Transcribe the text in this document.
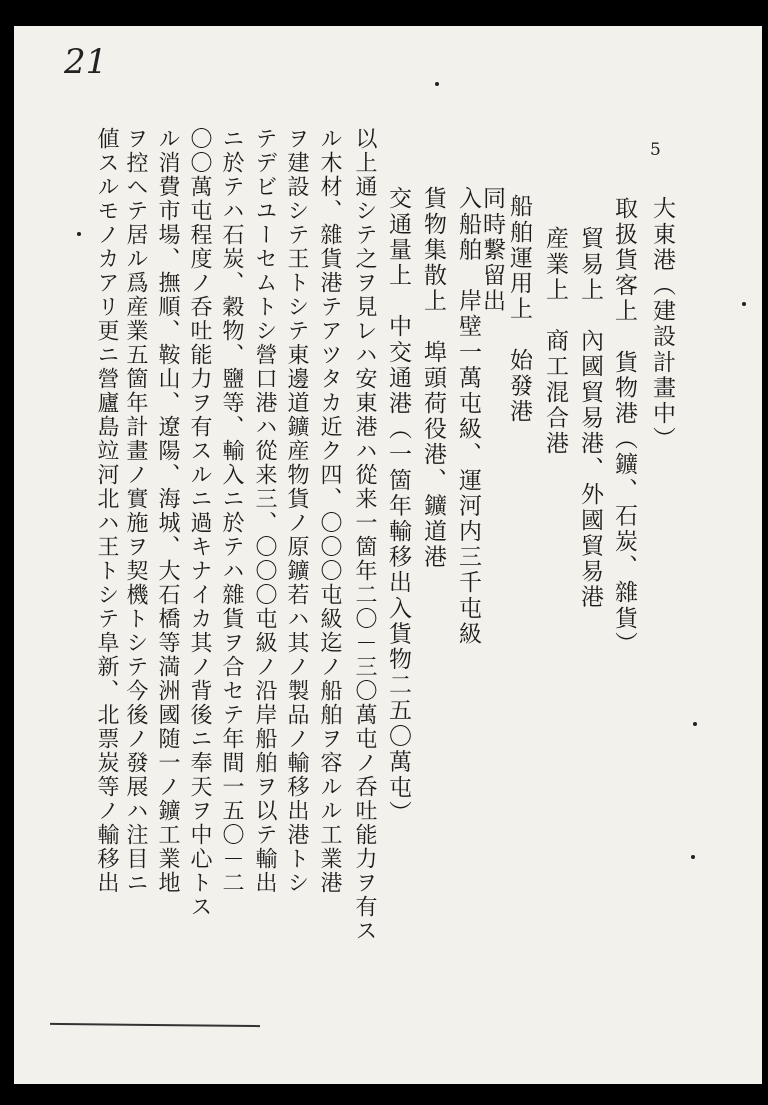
21
5
大東港（建設計畫中）
取扱貨客上　貨物港（鑛、石炭、雜貨）
貿易上　內國貿易港、外國貿易港
産業上　商工混合港
船舶運用上　始發港
同時繋留出
入船舶　岸壁一萬屯級、運河内三千屯級
貨物集散上　埠頭荷役港、鑛道港
交通量上　中交通港（一箇年輸移出入貨物二五〇萬屯）
以上通シテ之ヲ見レハ安東港ハ從来一箇年二〇－三〇萬屯ノ呑吐能力ヲ有ス
ル木材、雜貨港テアツタカ近ク四、〇〇〇屯級迄ノ船舶ヲ容ルル工業港
ヲ建設シテ王トシテ東邊道鑛産物貨ノ原鑛若ハ其ノ製品ノ輸移出港トシ
テデビユーセムトシ營口港ハ從来三、〇〇〇屯級ノ沿岸船舶ヲ以テ輸出
ニ於テハ石炭、穀物、鹽等、輸入ニ於テハ雜貨ヲ合セテ年間一五〇－二
〇〇萬屯程度ノ呑吐能力ヲ有スルニ過キナイカ其ノ背後ニ奉天ヲ中心トス
ル消費市場、撫順、鞍山、遼陽、海城、大石橋等満洲國随一ノ鑛工業地
ヲ控ヘテ居ル爲産業五箇年計畫ノ實施ヲ契機トシテ今後ノ發展ハ注目ニ
値スルモノカアリ更ニ營廬島竝河北ハ王トシテ阜新、北票炭等ノ輸移出
